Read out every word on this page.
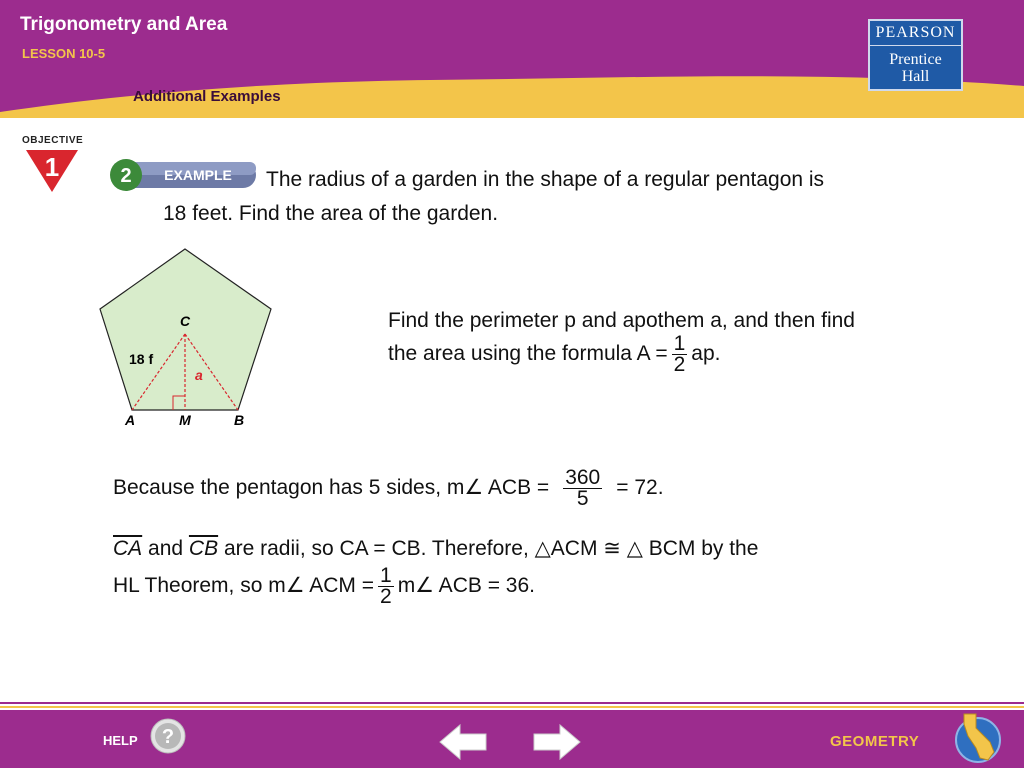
Trigonometry and Area
LESSON 10-5
Additional Examples
PEARSON
Prentice
Hall
OBJECTIVE
1	2 EXAMPLE The radius of a garden in the shape of a regular pentagon is
18 feet. Find the area of the garden.
C
18 f
a
A	M	B
Find the perimeter p and apothem a, and then find
the area using the formula $A = \frac{1}{2}$ ap.
Because the pentagon has 5 sides, m∠ ACB = $\frac{360}{5} = 72$.
$\overline{CA}$ and $\overline{CB}$ are radii, so CA = CB. Therefore, △ACM ≅ △ BCM by the
HL Theorem, so m∠ ACM = $\frac{1}{2}$ m∠ ACB = 36.
HELP	GEOMETRY
?
